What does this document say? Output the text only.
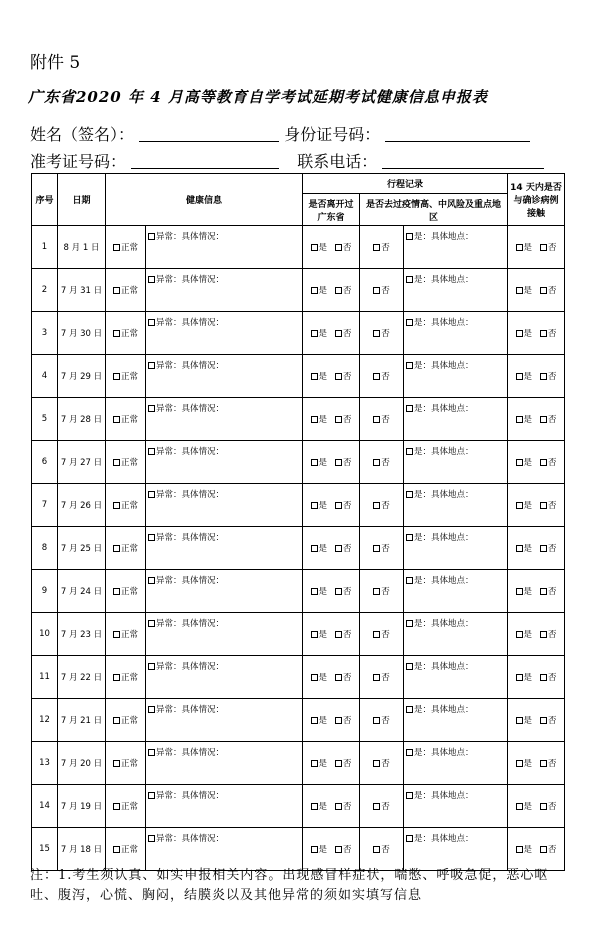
附件 5
广东省2020 年 4 月高等教育自学考试延期考试健康信息申报表
姓名（签名）：	身份证号码：
准考证号码：	联系电话：
序号	日期	健康信息		行程记录			14 天内是否与确诊病例接触
				是否离开过广东省	是否去过疫情高、中风险及重点地区		
1	8 月 1 日	正常	异常：具体情况：	是 否	否	是：具体地点：	是 否
2	7 月 31 日	正常	异常：具体情况：	是 否	否	是：具体地点：	是 否
3	7 月 30 日	正常	异常：具体情况：	是 否	否	是：具体地点：	是 否
4	7 月 29 日	正常	异常：具体情况：	是 否	否	是：具体地点：	是 否
5	7 月 28 日	正常	异常：具体情况：	是 否	否	是：具体地点：	是 否
6	7 月 27 日	正常	异常：具体情况：	是 否	否	是：具体地点：	是 否
7	7 月 26 日	正常	异常：具体情况：	是 否	否	是：具体地点：	是 否
8	7 月 25 日	正常	异常：具体情况：	是 否	否	是：具体地点：	是 否
9	7 月 24 日	正常	异常：具体情况：	是 否	否	是：具体地点：	是 否
10	7 月 23 日	正常	异常：具体情况：	是 否	否	是：具体地点：	是 否
11	7 月 22 日	正常	异常：具体情况：	是 否	否	是：具体地点：	是 否
12	7 月 21 日	正常	异常：具体情况：	是 否	否	是：具体地点：	是 否
13	7 月 20 日	正常	异常：具体情况：	是 否	否	是：具体地点：	是 否
14	7 月 19 日	正常	异常：具体情况：	是 否	否	是：具体地点：	是 否
15	7 月 18 日	正常	异常：具体情况：	是 否	否	是：具体地点：	是 否
注：1.考生须认真、如实申报相关内容。出现感冒样症状，喘憋、呼吸急促，恶心呕吐、腹泻，心慌、胸闷，结膜炎以及其他异常的须如实填写信息
